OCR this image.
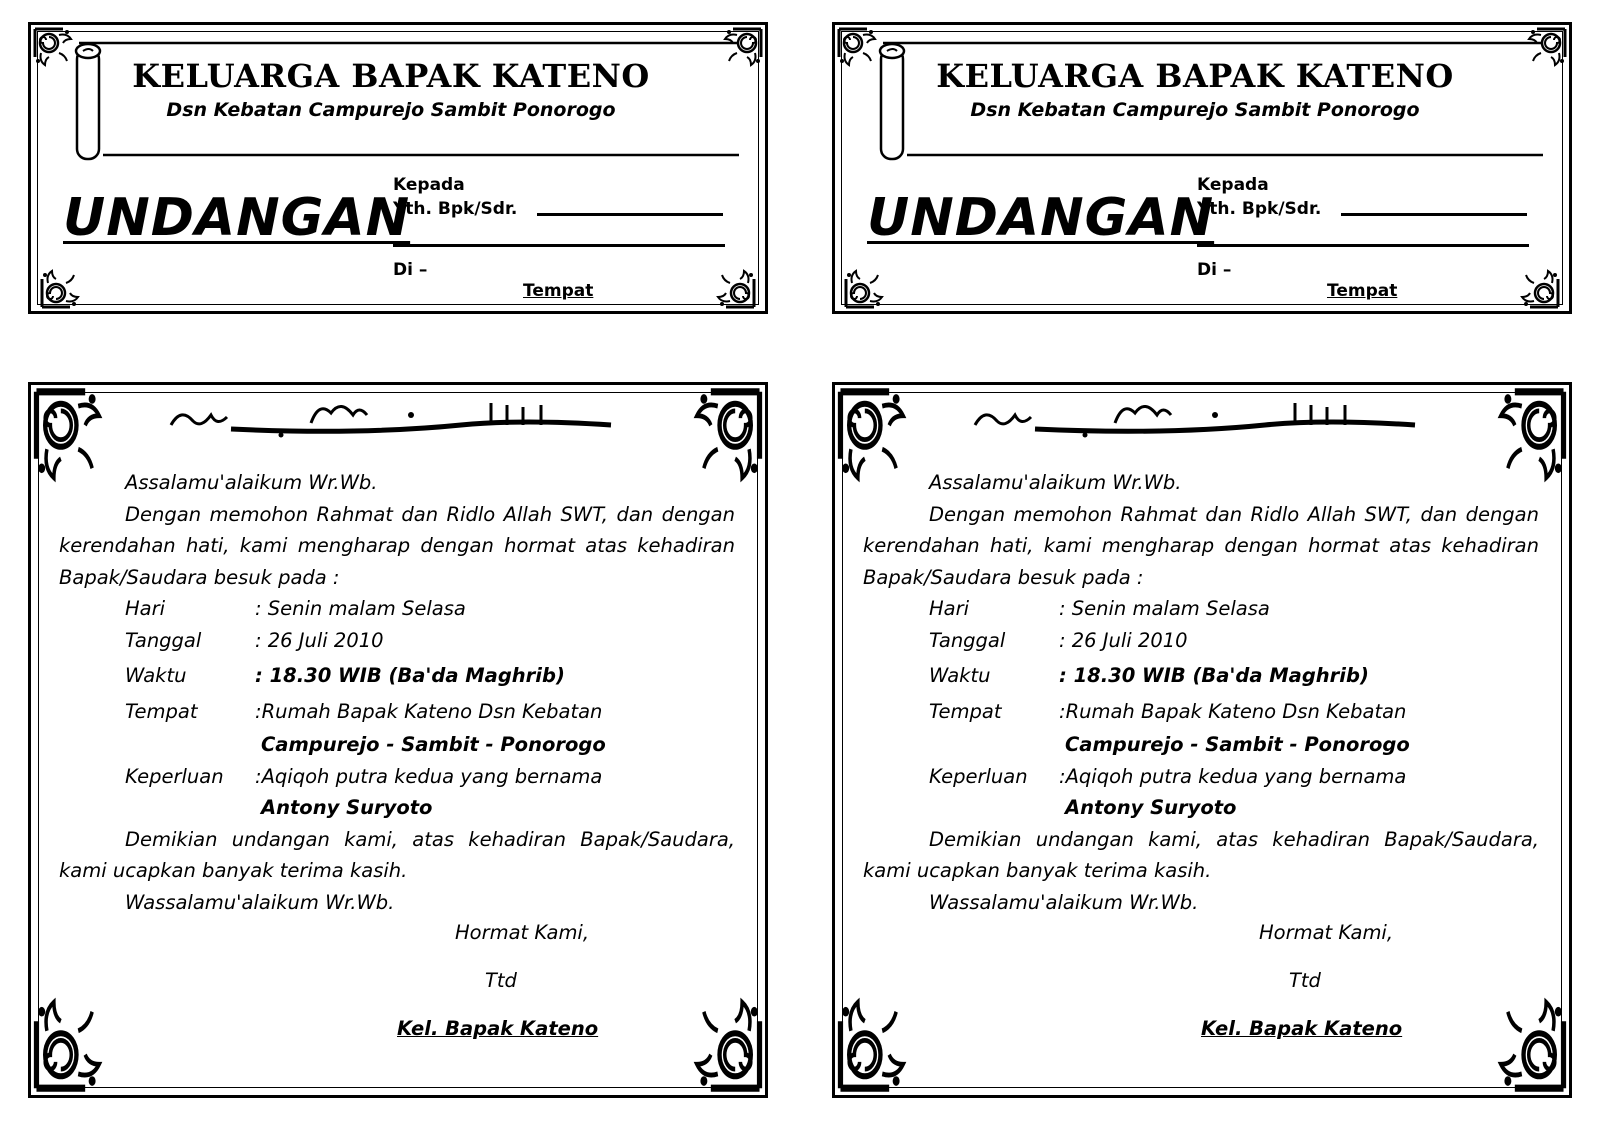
KELUARGA BAPAK KATENO
Dsn Kebatan Campurejo Sambit Ponorogo
UNDANGAN
Kepada
Yth. Bpk/Sdr.
Di –
Tempat
KELUARGA BAPAK KATENO
Dsn Kebatan Campurejo Sambit Ponorogo
UNDANGAN
Kepada
Yth. Bpk/Sdr.
Di –
Tempat

Assalamu'alaikum Wr.Wb.

Dengan memohon Rahmat dan Ridlo Allah SWT, dan dengan kerendahan hati, kami mengharap dengan hormat atas kehadiran Bapak/Saudara besuk pada :

Hari	: Senin malam Selasa
Tanggal	: 26 Juli 2010
Waktu	: 18.30 WIB (Ba'da Maghrib)
Tempat	:Rumah Bapak Kateno Dsn Kebatan

Campurejo - Sambit - Ponorogo

Keperluan	:Aqiqoh putra kedua yang bernama

Antony Suryoto

Demikian undangan kami, atas kehadiran Bapak/Saudara, kami ucapkan banyak terima kasih.

Wassalamu'alaikum Wr.Wb.

Hormat Kami,
Ttd
Kel. Bapak Kateno

Assalamu'alaikum Wr.Wb.

Dengan memohon Rahmat dan Ridlo Allah SWT, dan dengan kerendahan hati, kami mengharap dengan hormat atas kehadiran Bapak/Saudara besuk pada :

Hari	: Senin malam Selasa
Tanggal	: 26 Juli 2010
Waktu	: 18.30 WIB (Ba'da Maghrib)
Tempat	:Rumah Bapak Kateno Dsn Kebatan

Campurejo - Sambit - Ponorogo

Keperluan	:Aqiqoh putra kedua yang bernama

Antony Suryoto

Demikian undangan kami, atas kehadiran Bapak/Saudara, kami ucapkan banyak terima kasih.

Wassalamu'alaikum Wr.Wb.

Hormat Kami,
Ttd
Kel. Bapak Kateno
